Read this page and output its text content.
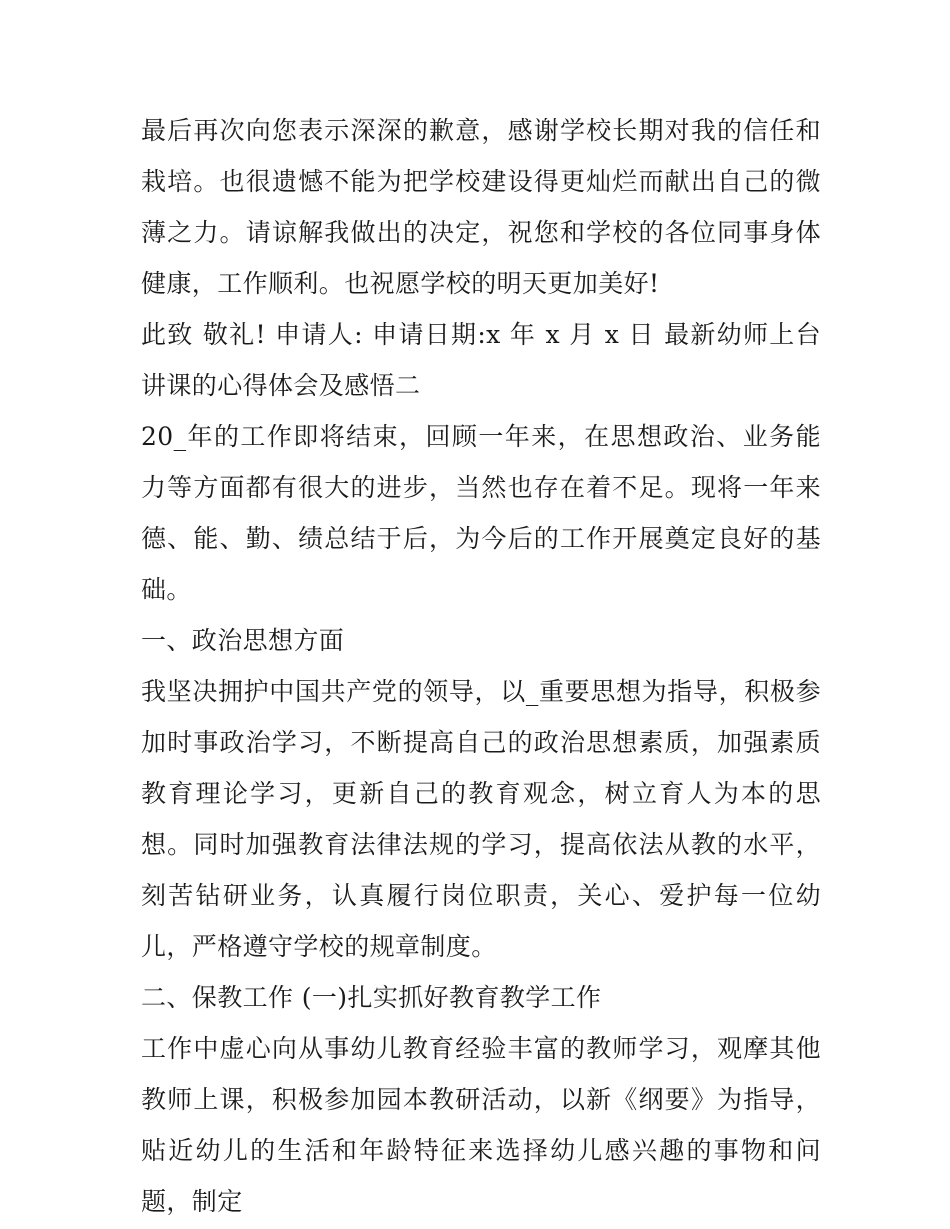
最后再次向您表示深深的歉意，感谢学校长期对我的信任和栽培。也很遗憾不能为把学校建设得更灿烂而献出自己的微薄之力。请谅解我做出的决定，祝您和学校的各位同事身体健康，工作顺利。也祝愿学校的明天更加美好!

此致 敬礼! 申请人: 申请日期:x 年 x 月 x 日 最新幼师上台讲课的心得体会及感悟二

20_年的工作即将结束，回顾一年来，在思想政治、业务能力等方面都有很大的进步，当然也存在着不足。现将一年来德、能、勤、绩总结于后，为今后的工作开展奠定良好的基础。

一、政治思想方面

我坚决拥护中国共产党的领导，以_重要思想为指导，积极参加时事政治学习，不断提高自己的政治思想素质，加强素质教育理论学习，更新自己的教育观念，树立育人为本的思想。同时加强教育法律法规的学习，提高依法从教的水平，刻苦钻研业务，认真履行岗位职责，关心、爱护每一位幼儿，严格遵守学校的规章制度。

二、保教工作 (一)扎实抓好教育教学工作

工作中虚心向从事幼儿教育经验丰富的教师学习，观摩其他教师上课，积极参加园本教研活动，以新《纲要》为指导，贴近幼儿的生活和年龄特征来选择幼儿感兴趣的事物和问题，制定
